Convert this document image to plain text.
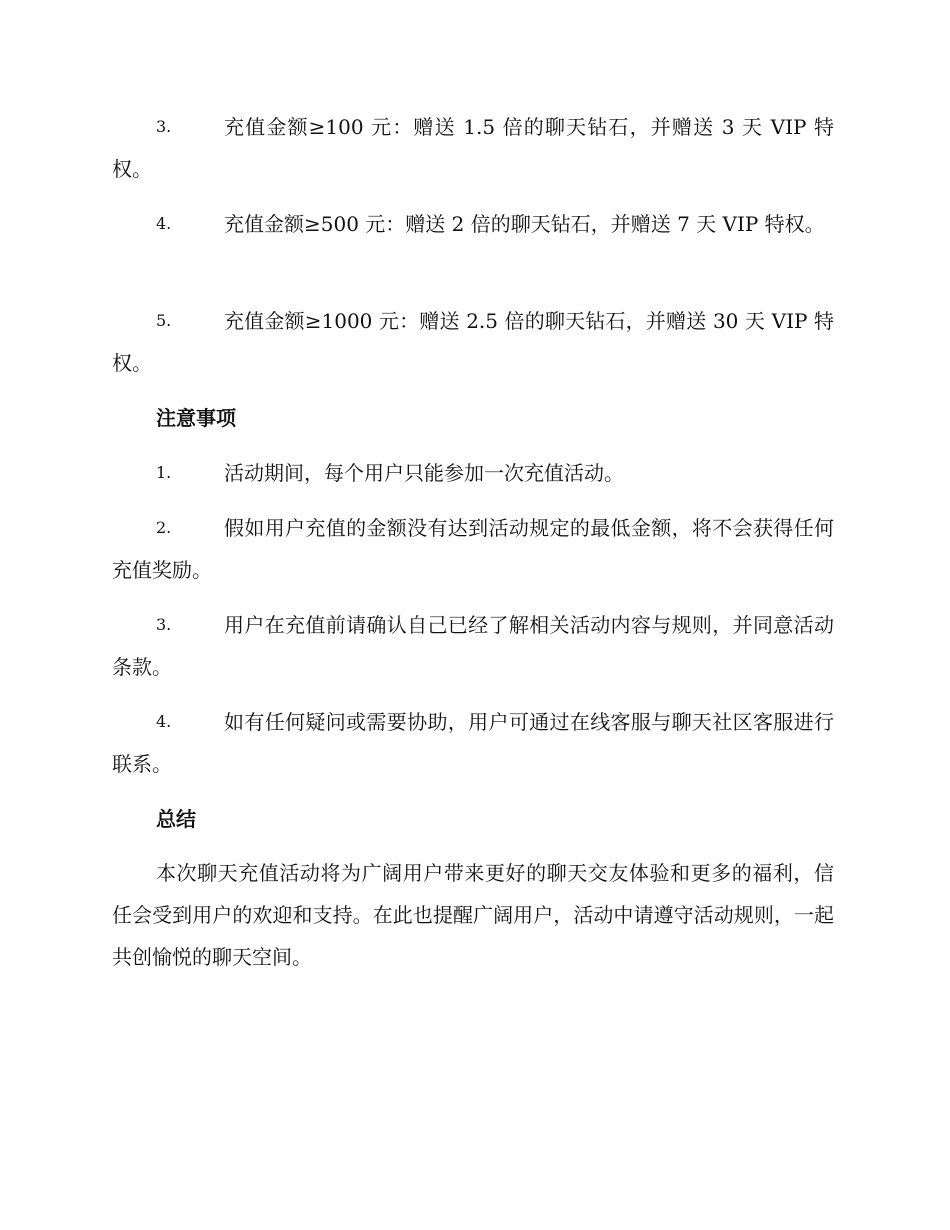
3.	充值金额≥100 元：赠送 1.5 倍的聊天钻石，并赠送 3 天 VIP 特权。
4.	充值金额≥500 元：赠送 2 倍的聊天钻石，并赠送 7 天 VIP 特权。
5.	充值金额≥1000 元：赠送 2.5 倍的聊天钻石，并赠送 30 天 VIP 特权。
注意事项
1.	活动期间，每个用户只能参加一次充值活动。
2.	假如用户充值的金额没有达到活动规定的最低金额，将不会获得任何充值奖励。
3.	用户在充值前请确认自己已经了解相关活动内容与规则，并同意活动条款。
4.	如有任何疑问或需要协助，用户可通过在线客服与聊天社区客服进行联系。
总结
本次聊天充值活动将为广阔用户带来更好的聊天交友体验和更多的福利，信任会受到用户的欢迎和支持。在此也提醒广阔用户，活动中请遵守活动规则，一起共创愉悦的聊天空间。
